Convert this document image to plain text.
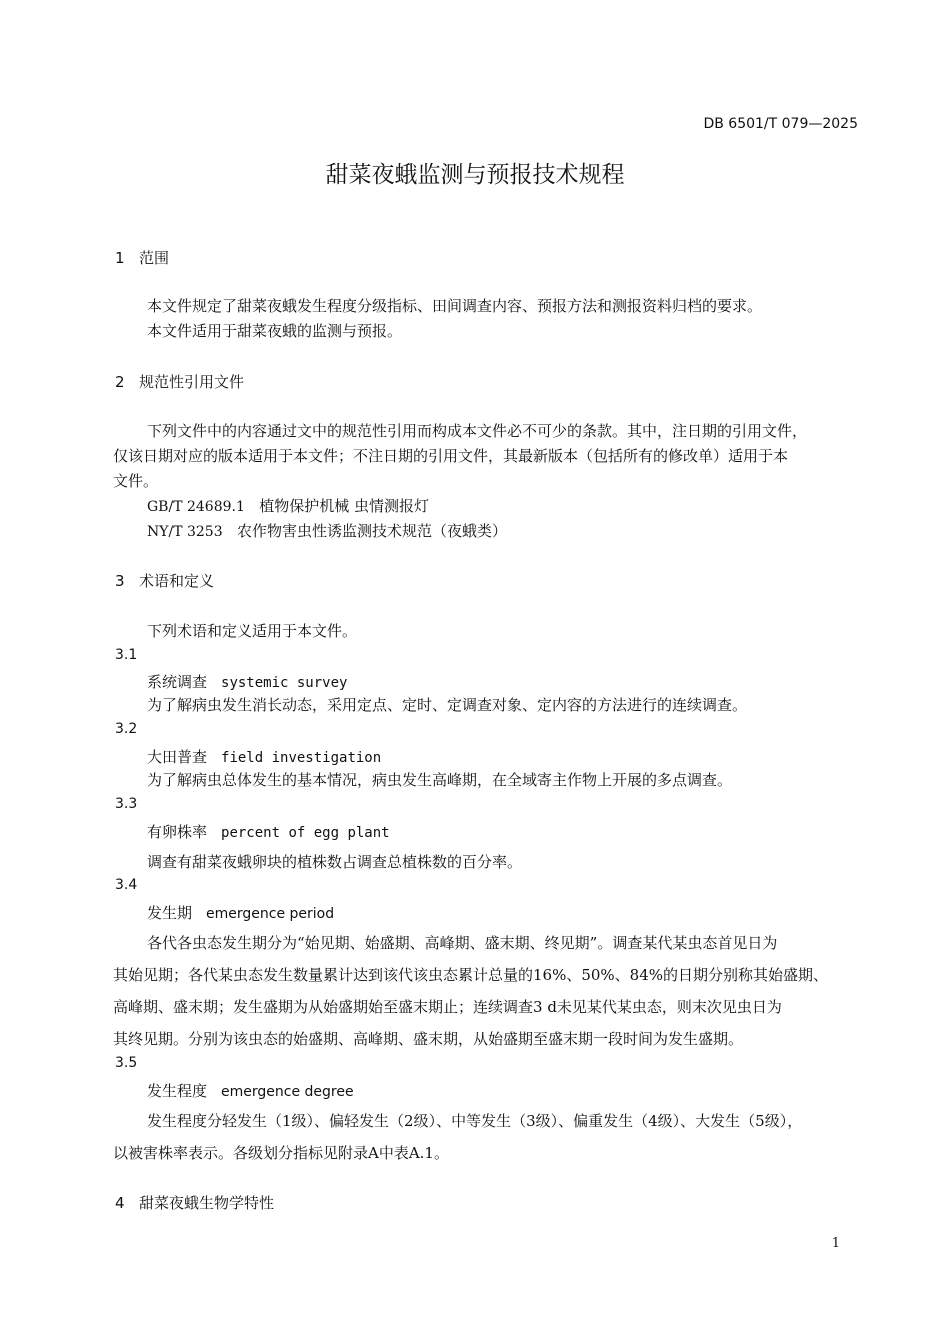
DB 6501/T 079—2025
甜菜夜蛾监测与预报技术规程
1 范围
本文件规定了甜菜夜蛾发生程度分级指标、田间调查内容、预报方法和测报资料归档的要求。
本文件适用于甜菜夜蛾的监测与预报。
2 规范性引用文件
下列文件中的内容通过文中的规范性引用而构成本文件必不可少的条款。其中，注日期的引用文件，
仅该日期对应的版本适用于本文件；不注日期的引用文件，其最新版本（包括所有的修改单）适用于本
文件。
GB/T 24689.1 植物保护机械 虫情测报灯
NY/T 3253 农作物害虫性诱监测技术规范（夜蛾类）
3 术语和定义
下列术语和定义适用于本文件。
3.1
系统调查 systemic survey
为了解病虫发生消长动态，采用定点、定时、定调查对象、定内容的方法进行的连续调查。
3.2
大田普查 field investigation
为了解病虫总体发生的基本情况，病虫发生高峰期，在全域寄主作物上开展的多点调查。
3.3
有卵株率 percent of egg plant
调查有甜菜夜蛾卵块的植株数占调查总植株数的百分率。
3.4
发生期 emergence period
各代各虫态发生期分为“始见期、始盛期、高峰期、盛末期、终见期”。调查某代某虫态首见日为
其始见期；各代某虫态发生数量累计达到该代该虫态累计总量的16%、50%、84%的日期分别称其始盛期、
高峰期、盛末期；发生盛期为从始盛期始至盛末期止；连续调查3 d未见某代某虫态，则末次见虫日为
其终见期。分别为该虫态的始盛期、高峰期、盛末期，从始盛期至盛末期一段时间为发生盛期。
3.5
发生程度 emergence degree
发生程度分轻发生（1级）、偏轻发生（2级）、中等发生（3级）、偏重发生（4级）、大发生（5级），
以被害株率表示。各级划分指标见附录A中表A.1。
4 甜菜夜蛾生物学特性
1
